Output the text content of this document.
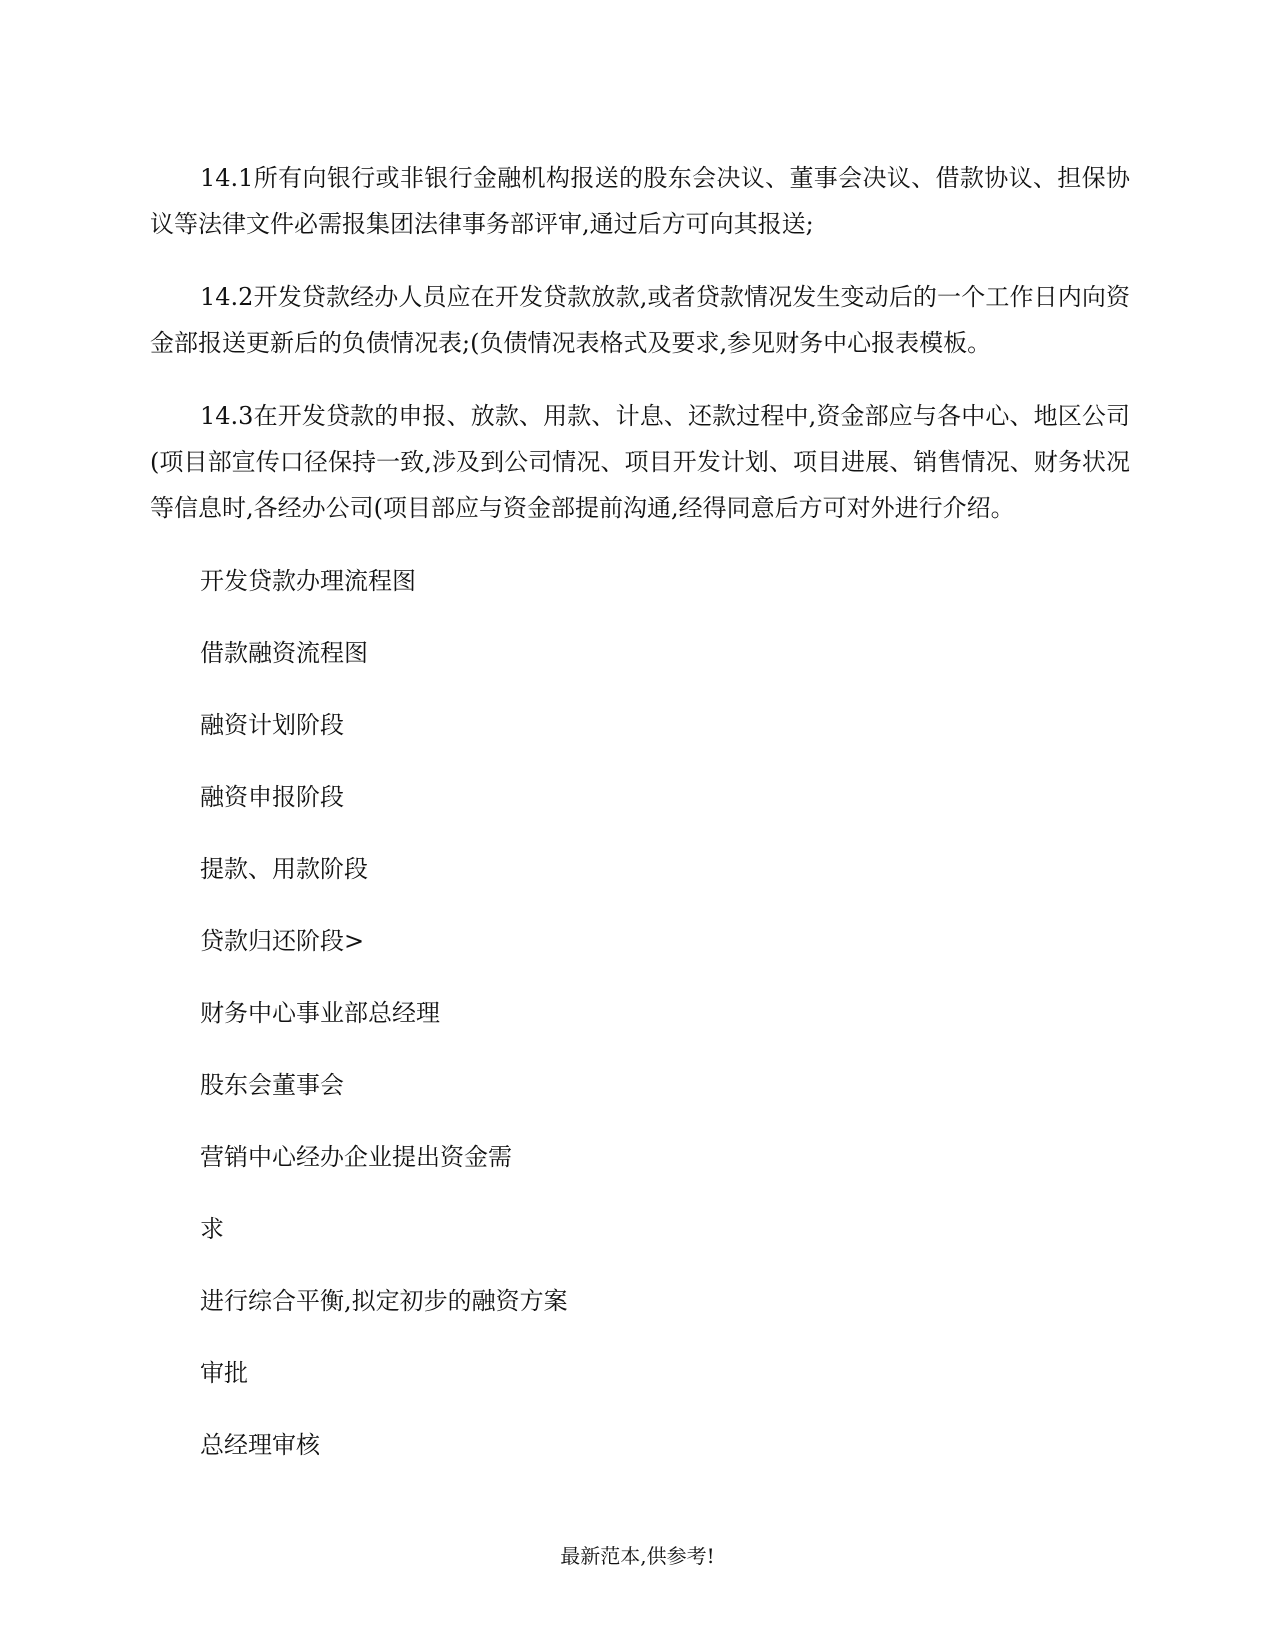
14.1所有向银行或非银行金融机构报送的股东会决议、董事会决议、借款协议、担保协议等法律文件必需报集团法律事务部评审,通过后方可向其报送;

14.2开发贷款经办人员应在开发贷款放款,或者贷款情况发生变动后的一个工作日内向资金部报送更新后的负债情况表;(负债情况表格式及要求,参见财务中心报表模板。

14.3在开发贷款的申报、放款、用款、计息、还款过程中,资金部应与各中心、地区公司(项目部宣传口径保持一致,涉及到公司情况、项目开发计划、项目进展、销售情况、财务状况等信息时,各经办公司(项目部应与资金部提前沟通,经得同意后方可对外进行介绍。

开发贷款办理流程图

借款融资流程图

融资计划阶段

融资申报阶段

提款、用款阶段

贷款归还阶段>

财务中心事业部总经理

股东会董事会

营销中心经办企业提出资金需

求

进行综合平衡,拟定初步的融资方案

审批

总经理审核

最新范本,供参考!
